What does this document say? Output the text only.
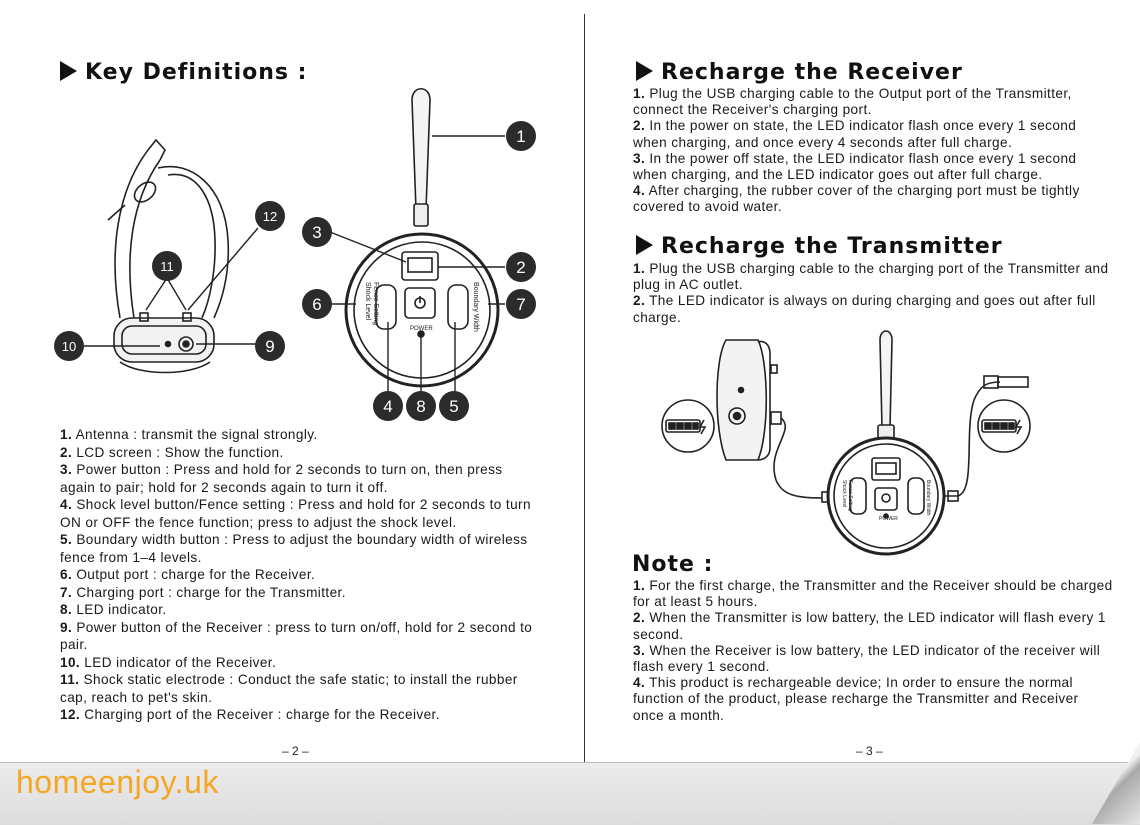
Key Definitions :
Fence Setting
Shock Level	Boundary Width
POWER
1
2
3
4	5
6	7
8
9
10
11
12
1. Antenna : transmit the signal strongly.
2. LCD screen : Show the function.
3. Power button : Press and hold for 2 seconds to turn on, then press again to pair; hold for 2 seconds again to turn it off.
4. Shock level button/Fence setting : Press and hold for 2 seconds to turn ON or OFF the fence function; press to adjust the shock level.
5. Boundary width button : Press to adjust the boundary width of wireless fence from 1–4 levels.
6. Output port : charge for the Receiver.
7. Charging port : charge for the Transmitter.
8. LED indicator.
9. Power button of the Receiver : press to turn on/off, hold for 2 second to pair.
10. LED indicator of the Receiver.
11. Shock static electrode : Conduct the safe static; to install the rubber cap, reach to pet's skin.
12. Charging port of the Receiver : charge for the Receiver.
– 2 –
Recharge the Receiver
1. Plug the USB charging cable to the Output port of the Transmitter, connect the Receiver's charging port.
2. In the power on state, the LED indicator flash once every 1 second when charging, and once every 4 seconds after full charge.
3. In the power off state, the LED indicator flash once every 1 second when charging, and the LED indicator goes out after full charge.
4. After charging, the rubber cover of the charging port must be tightly covered to avoid water.
Recharge the Transmitter
1. Plug the USB charging cable to the charging port of the Transmitter and plug in AC outlet.
2. The LED indicator is always on during charging and goes out after full charge.
POWER
Fence Setting
Shock Level	Boundary Width
Note :
1. For the first charge, the Transmitter and the Receiver should be charged for at least 5 hours.
2. When the Transmitter is low battery, the LED indicator will flash every 1 second.
3. When the Receiver is low battery, the LED indicator of the receiver will flash every 1 second.
4. This product is rechargeable device; In order to ensure the normal function of the product, please recharge the Transmitter and Receiver once a month.
– 3 –
homeenjoy.uk
